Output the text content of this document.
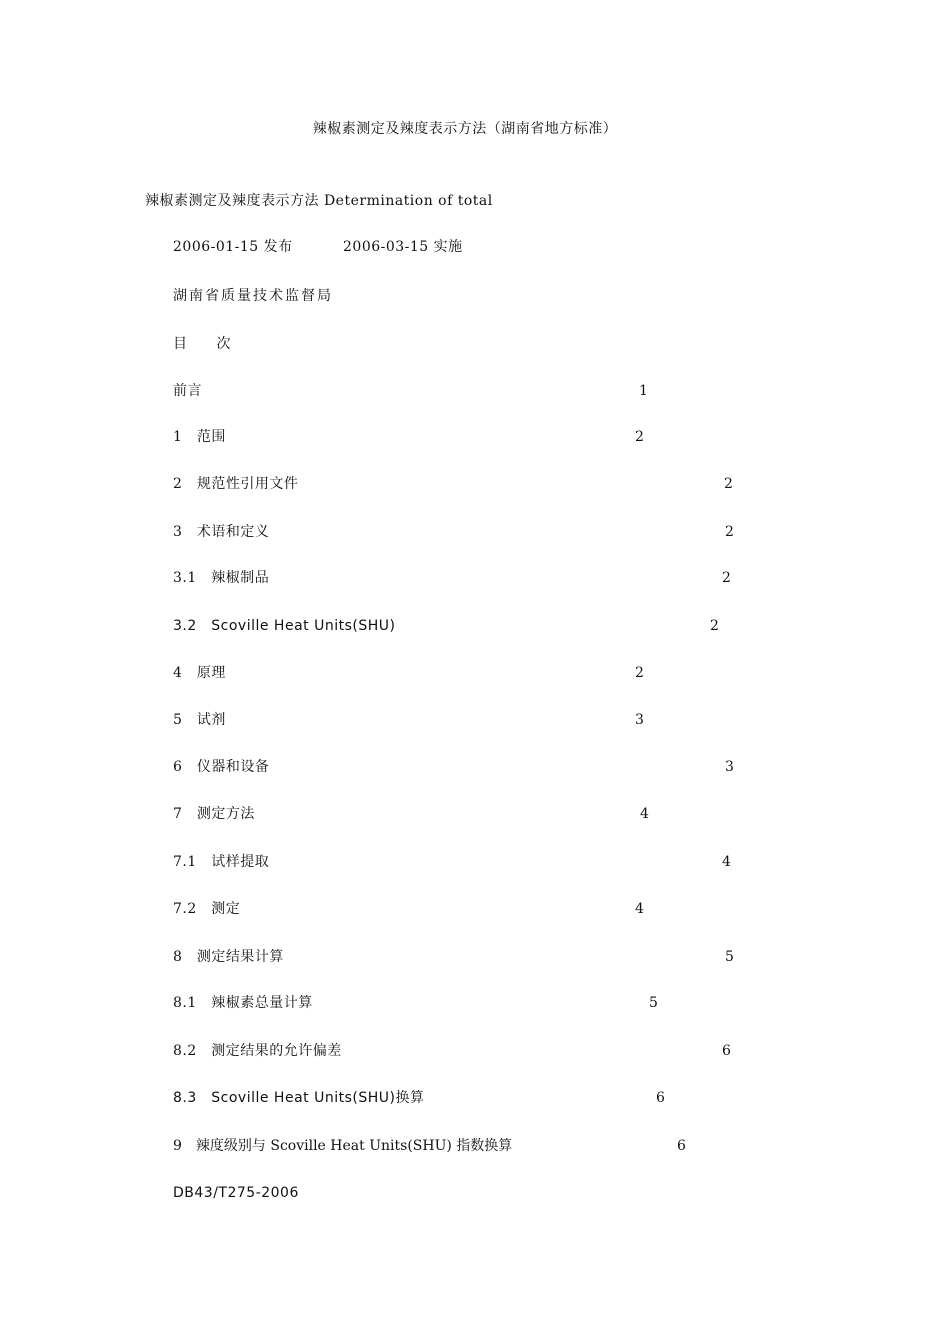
辣椒素测定及辣度表示方法（湖南省地方标准）
辣椒素测定及辣度表示方法 Determination of total
2006-01-15 发布	2006-03-15 实施
湖南省质量技术监督局
目　　次
前言	1
1　范围	2
2　规范性引用文件	2
3　术语和定义	2
3.1　辣椒制品	2
3.2　Scoville Heat Units(SHU)	2
4　原理	2
5　试剂	3
6　仪器和设备	3
7　测定方法	4
7.1　试样提取	4
7.2　测定	4
8　测定结果计算	5
8.1　辣椒素总量计算	5
8.2　测定结果的允许偏差	6
8.3　Scoville Heat Units(SHU)换算	6
9　辣度级别与 Scoville Heat Units(SHU) 指数换算	6
DB43/T275-2006
